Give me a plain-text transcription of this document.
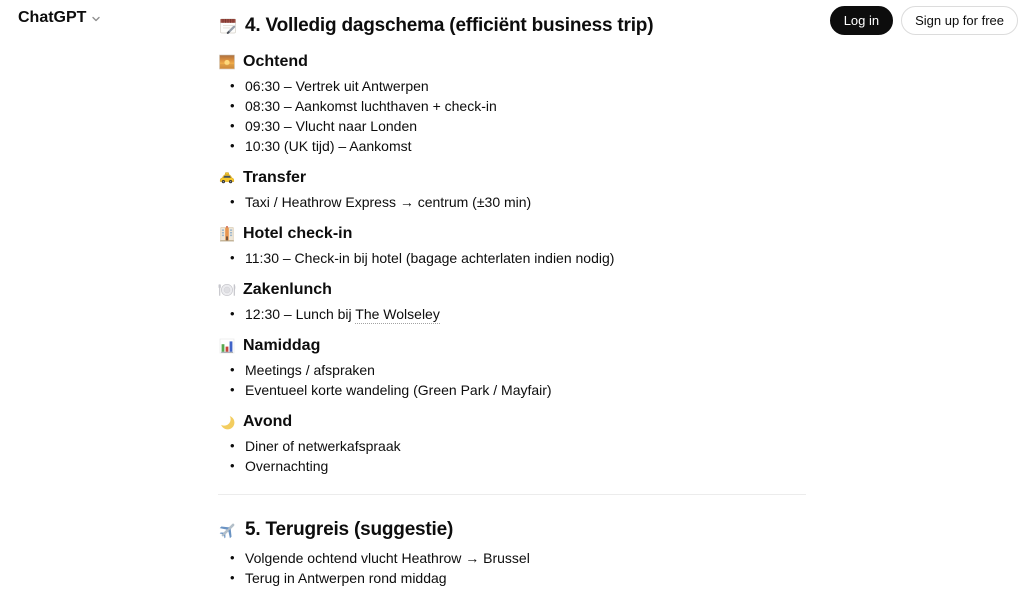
ChatGPT	Log in	Sign up for free
4. Volledig dagschema (efficiënt business trip)
Ochtend
• 06:30 – Vertrek uit Antwerpen
• 08:30 – Aankomst luchthaven + check-in
• 09:30 – Vlucht naar Londen
• 10:30 (UK tijd) – Aankomst
Transfer
• Taxi / Heathrow Express → centrum (±30 min)
Hotel check-in
• 11:30 – Check-in bij hotel (bagage achterlaten indien nodig)
Zakenlunch
• 12:30 – Lunch bij The Wolseley
Namiddag
• Meetings / afspraken
• Eventueel korte wandeling (Green Park / Mayfair)
Avond
• Diner of netwerkafspraak
• Overnachting
5. Terugreis (suggestie)
• Volgende ochtend vlucht Heathrow → Brussel
• Terug in Antwerpen rond middag
